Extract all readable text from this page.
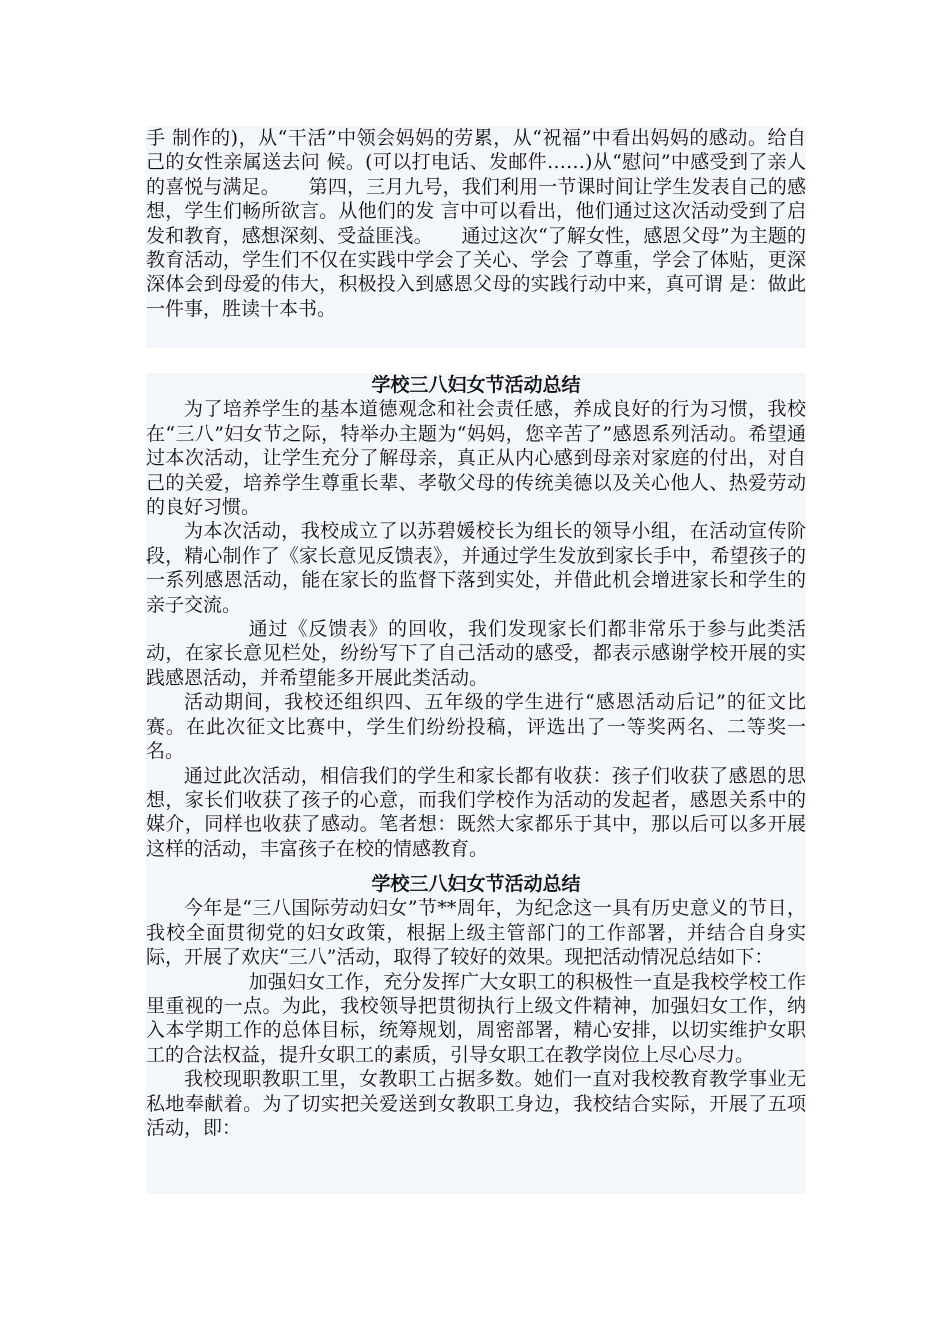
手 制作的)，从“干活”中领会妈妈的劳累，从“祝福”中看出妈妈的感动。给自己的女性亲属送去问 候。(可以打电话、发邮件……)从“慰问”中感受到了亲人的喜悦与满足。　　第四，三月九号，我们利用一节课时间让学生发表自己的感想，学生们畅所欲言。从他们的发 言中可以看出，他们通过这次活动受到了启发和教育，感想深刻、受益匪浅。　　通过这次“了解女性，感恩父母”为主题的教育活动，学生们不仅在实践中学会了关心、学会 了尊重，学会了体贴，更深深体会到母爱的伟大，积极投入到感恩父母的实践行动中来，真可谓 是：做此一件事，胜读十本书。

学校三八妇女节活动总结

为了培养学生的基本道德观念和社会责任感，养成良好的行为习惯，我校在“三八”妇女节之际，特举办主题为“妈妈，您辛苦了”感恩系列活动。希望通过本次活动，让学生充分了解母亲，真正从内心感到母亲对家庭的付出，对自己的关爱，培养学生尊重长辈、孝敬父母的传统美德以及关心他人、热爱劳动的良好习惯。

为本次活动，我校成立了以苏碧媛校长为组长的领导小组，在活动宣传阶段，精心制作了《家长意见反馈表》，并通过学生发放到家长手中，希望孩子的一系列感恩活动，能在家长的监督下落到实处，并借此机会增进家长和学生的亲子交流。

通过《反馈表》的回收，我们发现家长们都非常乐于参与此类活动，在家长意见栏处，纷纷写下了自己活动的感受，都表示感谢学校开展的实践感恩活动，并希望能多开展此类活动。

活动期间，我校还组织四、五年级的学生进行“感恩活动后记”的征文比赛。在此次征文比赛中，学生们纷纷投稿，评选出了一等奖两名、二等奖一名。

通过此次活动，相信我们的学生和家长都有收获：孩子们收获了感恩的思想，家长们收获了孩子的心意，而我们学校作为活动的发起者，感恩关系中的媒介，同样也收获了感动。笔者想：既然大家都乐于其中，那以后可以多开展这样的活动，丰富孩子在校的情感教育。

学校三八妇女节活动总结

今年是“三八国际劳动妇女”节**周年，为纪念这一具有历史意义的节日，我校全面贯彻党的妇女政策，根据上级主管部门的工作部署，并结合自身实际，开展了欢庆“三八”活动，取得了较好的效果。现把活动情况总结如下：

加强妇女工作，充分发挥广大女职工的积极性一直是我校学校工作里重视的一点。为此，我校领导把贯彻执行上级文件精神，加强妇女工作，纳入本学期工作的总体目标，统筹规划，周密部署，精心安排，以切实维护女职工的合法权益，提升女职工的素质，引导女职工在教学岗位上尽心尽力。

我校现职教职工里，女教职工占据多数。她们一直对我校教育教学事业无私地奉献着。为了切实把关爱送到女教职工身边，我校结合实际，开展了五项活动，即：
